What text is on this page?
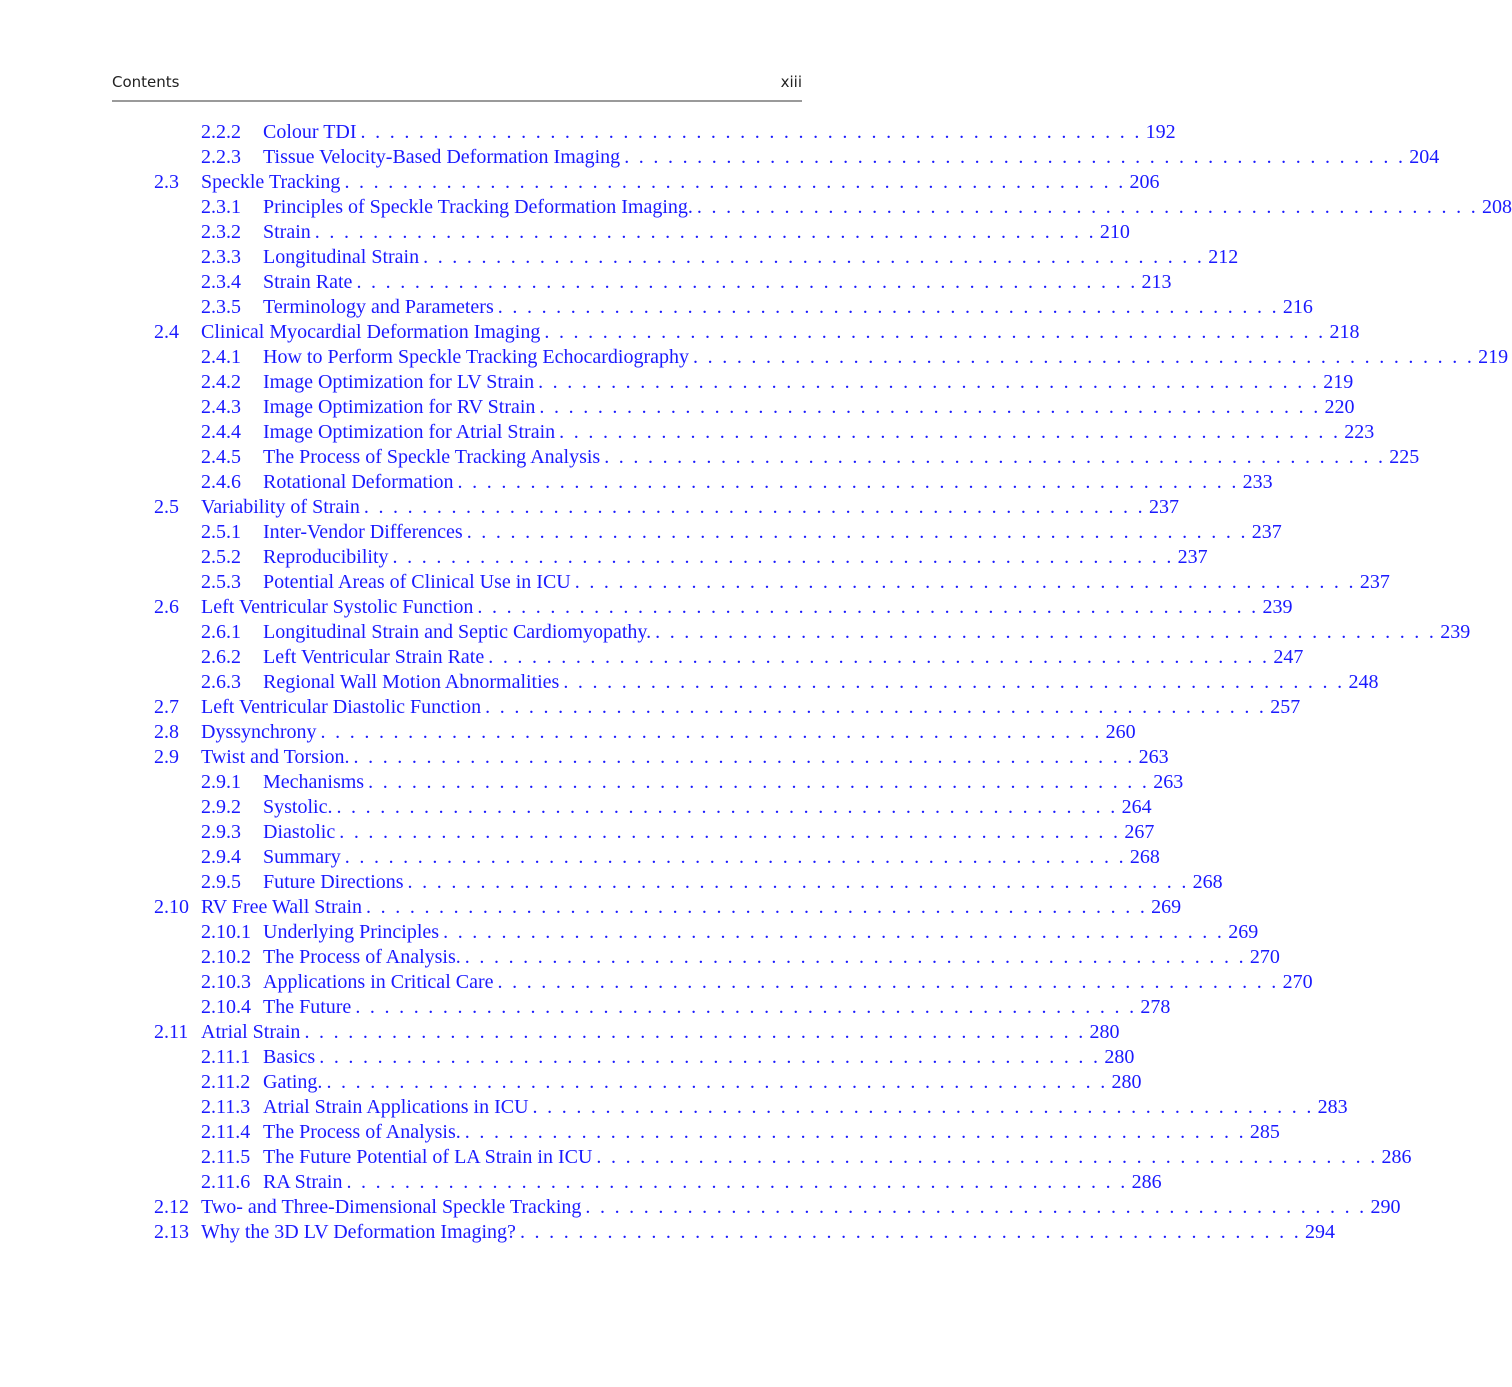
Contents	xiii
2.2.2	Colour TDI . . . . . . . . . . . . . . . . . . . . . . . . . . . . . . . . . . . . . . . . . . . . . . . . . . . . . . 192
2.2.3	Tissue Velocity-Based Deformation Imaging . . . . . . . . . . . . . . . . . . . . . . . . . . . . . . . . . . . . . . . . . . . . . . . . . . . . . . 204
2.3	Speckle Tracking . . . . . . . . . . . . . . . . . . . . . . . . . . . . . . . . . . . . . . . . . . . . . . . . . . . . . . 206
2.3.1	Principles of Speckle Tracking Deformation Imaging. . . . . . . . . . . . . . . . . . . . . . . . . . . . . . . . . . . . . . . . . . . . . . . . . . . . . . . 208
2.3.2	Strain . . . . . . . . . . . . . . . . . . . . . . . . . . . . . . . . . . . . . . . . . . . . . . . . . . . . . . 210
2.3.3	Longitudinal Strain . . . . . . . . . . . . . . . . . . . . . . . . . . . . . . . . . . . . . . . . . . . . . . . . . . . . . . 212
2.3.4	Strain Rate . . . . . . . . . . . . . . . . . . . . . . . . . . . . . . . . . . . . . . . . . . . . . . . . . . . . . . 213
2.3.5	Terminology and Parameters . . . . . . . . . . . . . . . . . . . . . . . . . . . . . . . . . . . . . . . . . . . . . . . . . . . . . . 216
2.4	Clinical Myocardial Deformation Imaging . . . . . . . . . . . . . . . . . . . . . . . . . . . . . . . . . . . . . . . . . . . . . . . . . . . . . . 218
2.4.1	How to Perform Speckle Tracking Echocardiography . . . . . . . . . . . . . . . . . . . . . . . . . . . . . . . . . . . . . . . . . . . . . . . . . . . . . . 219
2.4.2	Image Optimization for LV Strain . . . . . . . . . . . . . . . . . . . . . . . . . . . . . . . . . . . . . . . . . . . . . . . . . . . . . . 219
2.4.3	Image Optimization for RV Strain . . . . . . . . . . . . . . . . . . . . . . . . . . . . . . . . . . . . . . . . . . . . . . . . . . . . . . 220
2.4.4	Image Optimization for Atrial Strain . . . . . . . . . . . . . . . . . . . . . . . . . . . . . . . . . . . . . . . . . . . . . . . . . . . . . . 223
2.4.5	The Process of Speckle Tracking Analysis . . . . . . . . . . . . . . . . . . . . . . . . . . . . . . . . . . . . . . . . . . . . . . . . . . . . . . 225
2.4.6	Rotational Deformation . . . . . . . . . . . . . . . . . . . . . . . . . . . . . . . . . . . . . . . . . . . . . . . . . . . . . . 233
2.5	Variability of Strain . . . . . . . . . . . . . . . . . . . . . . . . . . . . . . . . . . . . . . . . . . . . . . . . . . . . . . 237
2.5.1	Inter-Vendor Differences . . . . . . . . . . . . . . . . . . . . . . . . . . . . . . . . . . . . . . . . . . . . . . . . . . . . . . 237
2.5.2	Reproducibility . . . . . . . . . . . . . . . . . . . . . . . . . . . . . . . . . . . . . . . . . . . . . . . . . . . . . . 237
2.5.3	Potential Areas of Clinical Use in ICU . . . . . . . . . . . . . . . . . . . . . . . . . . . . . . . . . . . . . . . . . . . . . . . . . . . . . . 237
2.6	Left Ventricular Systolic Function . . . . . . . . . . . . . . . . . . . . . . . . . . . . . . . . . . . . . . . . . . . . . . . . . . . . . . 239
2.6.1	Longitudinal Strain and Septic Cardiomyopathy. . . . . . . . . . . . . . . . . . . . . . . . . . . . . . . . . . . . . . . . . . . . . . . . . . . . . . . 239
2.6.2	Left Ventricular Strain Rate . . . . . . . . . . . . . . . . . . . . . . . . . . . . . . . . . . . . . . . . . . . . . . . . . . . . . . 247
2.6.3	Regional Wall Motion Abnormalities . . . . . . . . . . . . . . . . . . . . . . . . . . . . . . . . . . . . . . . . . . . . . . . . . . . . . . 248
2.7	Left Ventricular Diastolic Function . . . . . . . . . . . . . . . . . . . . . . . . . . . . . . . . . . . . . . . . . . . . . . . . . . . . . . 257
2.8	Dyssynchrony . . . . . . . . . . . . . . . . . . . . . . . . . . . . . . . . . . . . . . . . . . . . . . . . . . . . . . 260
2.9	Twist and Torsion. . . . . . . . . . . . . . . . . . . . . . . . . . . . . . . . . . . . . . . . . . . . . . . . . . . . . . . 263
2.9.1	Mechanisms . . . . . . . . . . . . . . . . . . . . . . . . . . . . . . . . . . . . . . . . . . . . . . . . . . . . . . 263
2.9.2	Systolic. . . . . . . . . . . . . . . . . . . . . . . . . . . . . . . . . . . . . . . . . . . . . . . . . . . . . . . 264
2.9.3	Diastolic . . . . . . . . . . . . . . . . . . . . . . . . . . . . . . . . . . . . . . . . . . . . . . . . . . . . . . 267
2.9.4	Summary . . . . . . . . . . . . . . . . . . . . . . . . . . . . . . . . . . . . . . . . . . . . . . . . . . . . . . 268
2.9.5	Future Directions . . . . . . . . . . . . . . . . . . . . . . . . . . . . . . . . . . . . . . . . . . . . . . . . . . . . . . 268
2.10 RV Free Wall Strain . . . . . . . . . . . . . . . . . . . . . . . . . . . . . . . . . . . . . . . . . . . . . . . . . . . . . . 269
2.10.1 Underlying Principles . . . . . . . . . . . . . . . . . . . . . . . . . . . . . . . . . . . . . . . . . . . . . . . . . . . . . . 269
2.10.2 The Process of Analysis. . . . . . . . . . . . . . . . . . . . . . . . . . . . . . . . . . . . . . . . . . . . . . . . . . . . . . . 270
2.10.3 Applications in Critical Care . . . . . . . . . . . . . . . . . . . . . . . . . . . . . . . . . . . . . . . . . . . . . . . . . . . . . . 270
2.10.4 The Future . . . . . . . . . . . . . . . . . . . . . . . . . . . . . . . . . . . . . . . . . . . . . . . . . . . . . . 278
2.11 Atrial Strain . . . . . . . . . . . . . . . . . . . . . . . . . . . . . . . . . . . . . . . . . . . . . . . . . . . . . . 280
2.11.1 Basics . . . . . . . . . . . . . . . . . . . . . . . . . . . . . . . . . . . . . . . . . . . . . . . . . . . . . . 280
2.11.2 Gating. . . . . . . . . . . . . . . . . . . . . . . . . . . . . . . . . . . . . . . . . . . . . . . . . . . . . . . 280
2.11.3 Atrial Strain Applications in ICU . . . . . . . . . . . . . . . . . . . . . . . . . . . . . . . . . . . . . . . . . . . . . . . . . . . . . . 283
2.11.4 The Process of Analysis. . . . . . . . . . . . . . . . . . . . . . . . . . . . . . . . . . . . . . . . . . . . . . . . . . . . . . . 285
2.11.5 The Future Potential of LA Strain in ICU . . . . . . . . . . . . . . . . . . . . . . . . . . . . . . . . . . . . . . . . . . . . . . . . . . . . . . 286
2.11.6 RA Strain . . . . . . . . . . . . . . . . . . . . . . . . . . . . . . . . . . . . . . . . . . . . . . . . . . . . . . 286
2.12 Two- and Three-Dimensional Speckle Tracking . . . . . . . . . . . . . . . . . . . . . . . . . . . . . . . . . . . . . . . . . . . . . . . . . . . . . . 290
2.13 Why the 3D LV Deformation Imaging? . . . . . . . . . . . . . . . . . . . . . . . . . . . . . . . . . . . . . . . . . . . . . . . . . . . . . . 294
